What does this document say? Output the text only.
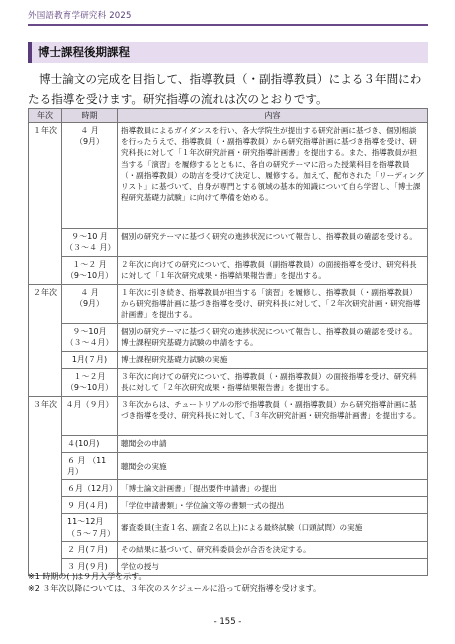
外国語教育学研究科 2025
博士課程後期課程
博士論文の完成を目指して、指導教員（・副指導教員）による３年間にわたる指導を受けます。研究指導の流れは次のとおりです。
年次	時期	内容
１年次	４ 月
（9月）	指導教員によるガイダンスを行い、各大学院生が提出する研究計画に基づき、個別相談を行ったうえで、指導教員（・副指導教員）から研究指導計画に基づき指導を受け、研究科長に対して「１年次研究計画・研究指導計画書」を提出する。また、指導教員が担当する「演習」を履修するとともに、各自の研究テーマに沿った授業科目を指導教員（・副指導教員）の助言を受けて決定し、履修する。加えて、配布された「リーディングリスト」に基づいて、自身が専門とする領域の基本的知識について自ら学習し、「博士課程研究基礎力試験」に向けて準備を始める。
	９～10 月
（３～４ 月）	個別の研究テーマに基づく研究の進捗状況について報告し、指導教員の確認を受ける。
	１～２ 月
（9～10月）	２年次に向けての研究について、指導教員（副指導教員）の面接指導を受け、研究科長に対して「１年次研究成果・指導結果報告書」を提出する。
２年次	４ 月
（9月）	１年次に引き続き、指導教員が担当する「演習」を履修し、指導教員（・副指導教員）から研究指導計画に基づき指導を受け、研究科長に対して、「２年次研究計画・研究指導計画書」を提出する。
	９～10月
（３～４月）	個別の研究テーマに基づく研究の進捗状況について報告し、指導教員の確認を受ける。博士課程研究基礎力試験の申請をする。
	1月(７月)	博士課程研究基礎力試験の実施
	１～２月
（9～10月）	３年次に向けての研究について、指導教員（・副指導教員）の面接指導を受け、研究科長に対して「２年次研究成果・指導結果報告書」を提出する。
３年次	４月（９月）	３年次からは、チュートリアルの形で指導教員（・副指導教員）から研究指導計画に基づき指導を受け、研究科長に対して、「３年次研究計画・研究指導計画書」を提出する。
	４(10月)	聴聞会の申請
	６ 月 （11月）	聴聞会の実施
	６月（12月）	「博士論文計画書」「提出要件申請書」の提出
	９ 月(４月)	「学位申請書類」・学位論文等の書類一式の提出
	11～12月
（５～７月）	審査委員(主査１名、副査２名以上)による最終試験（口頭試問）の実施
	２ 月(７月)	その結果に基づいて、研究科委員会が合否を決定する。
	３ 月(９月)	学位の授与
※1 時期の( )は９月入学を示す。
※2 ３年次以降については、３年次のスケジュールに沿って研究指導を受けます。
- 155 -
